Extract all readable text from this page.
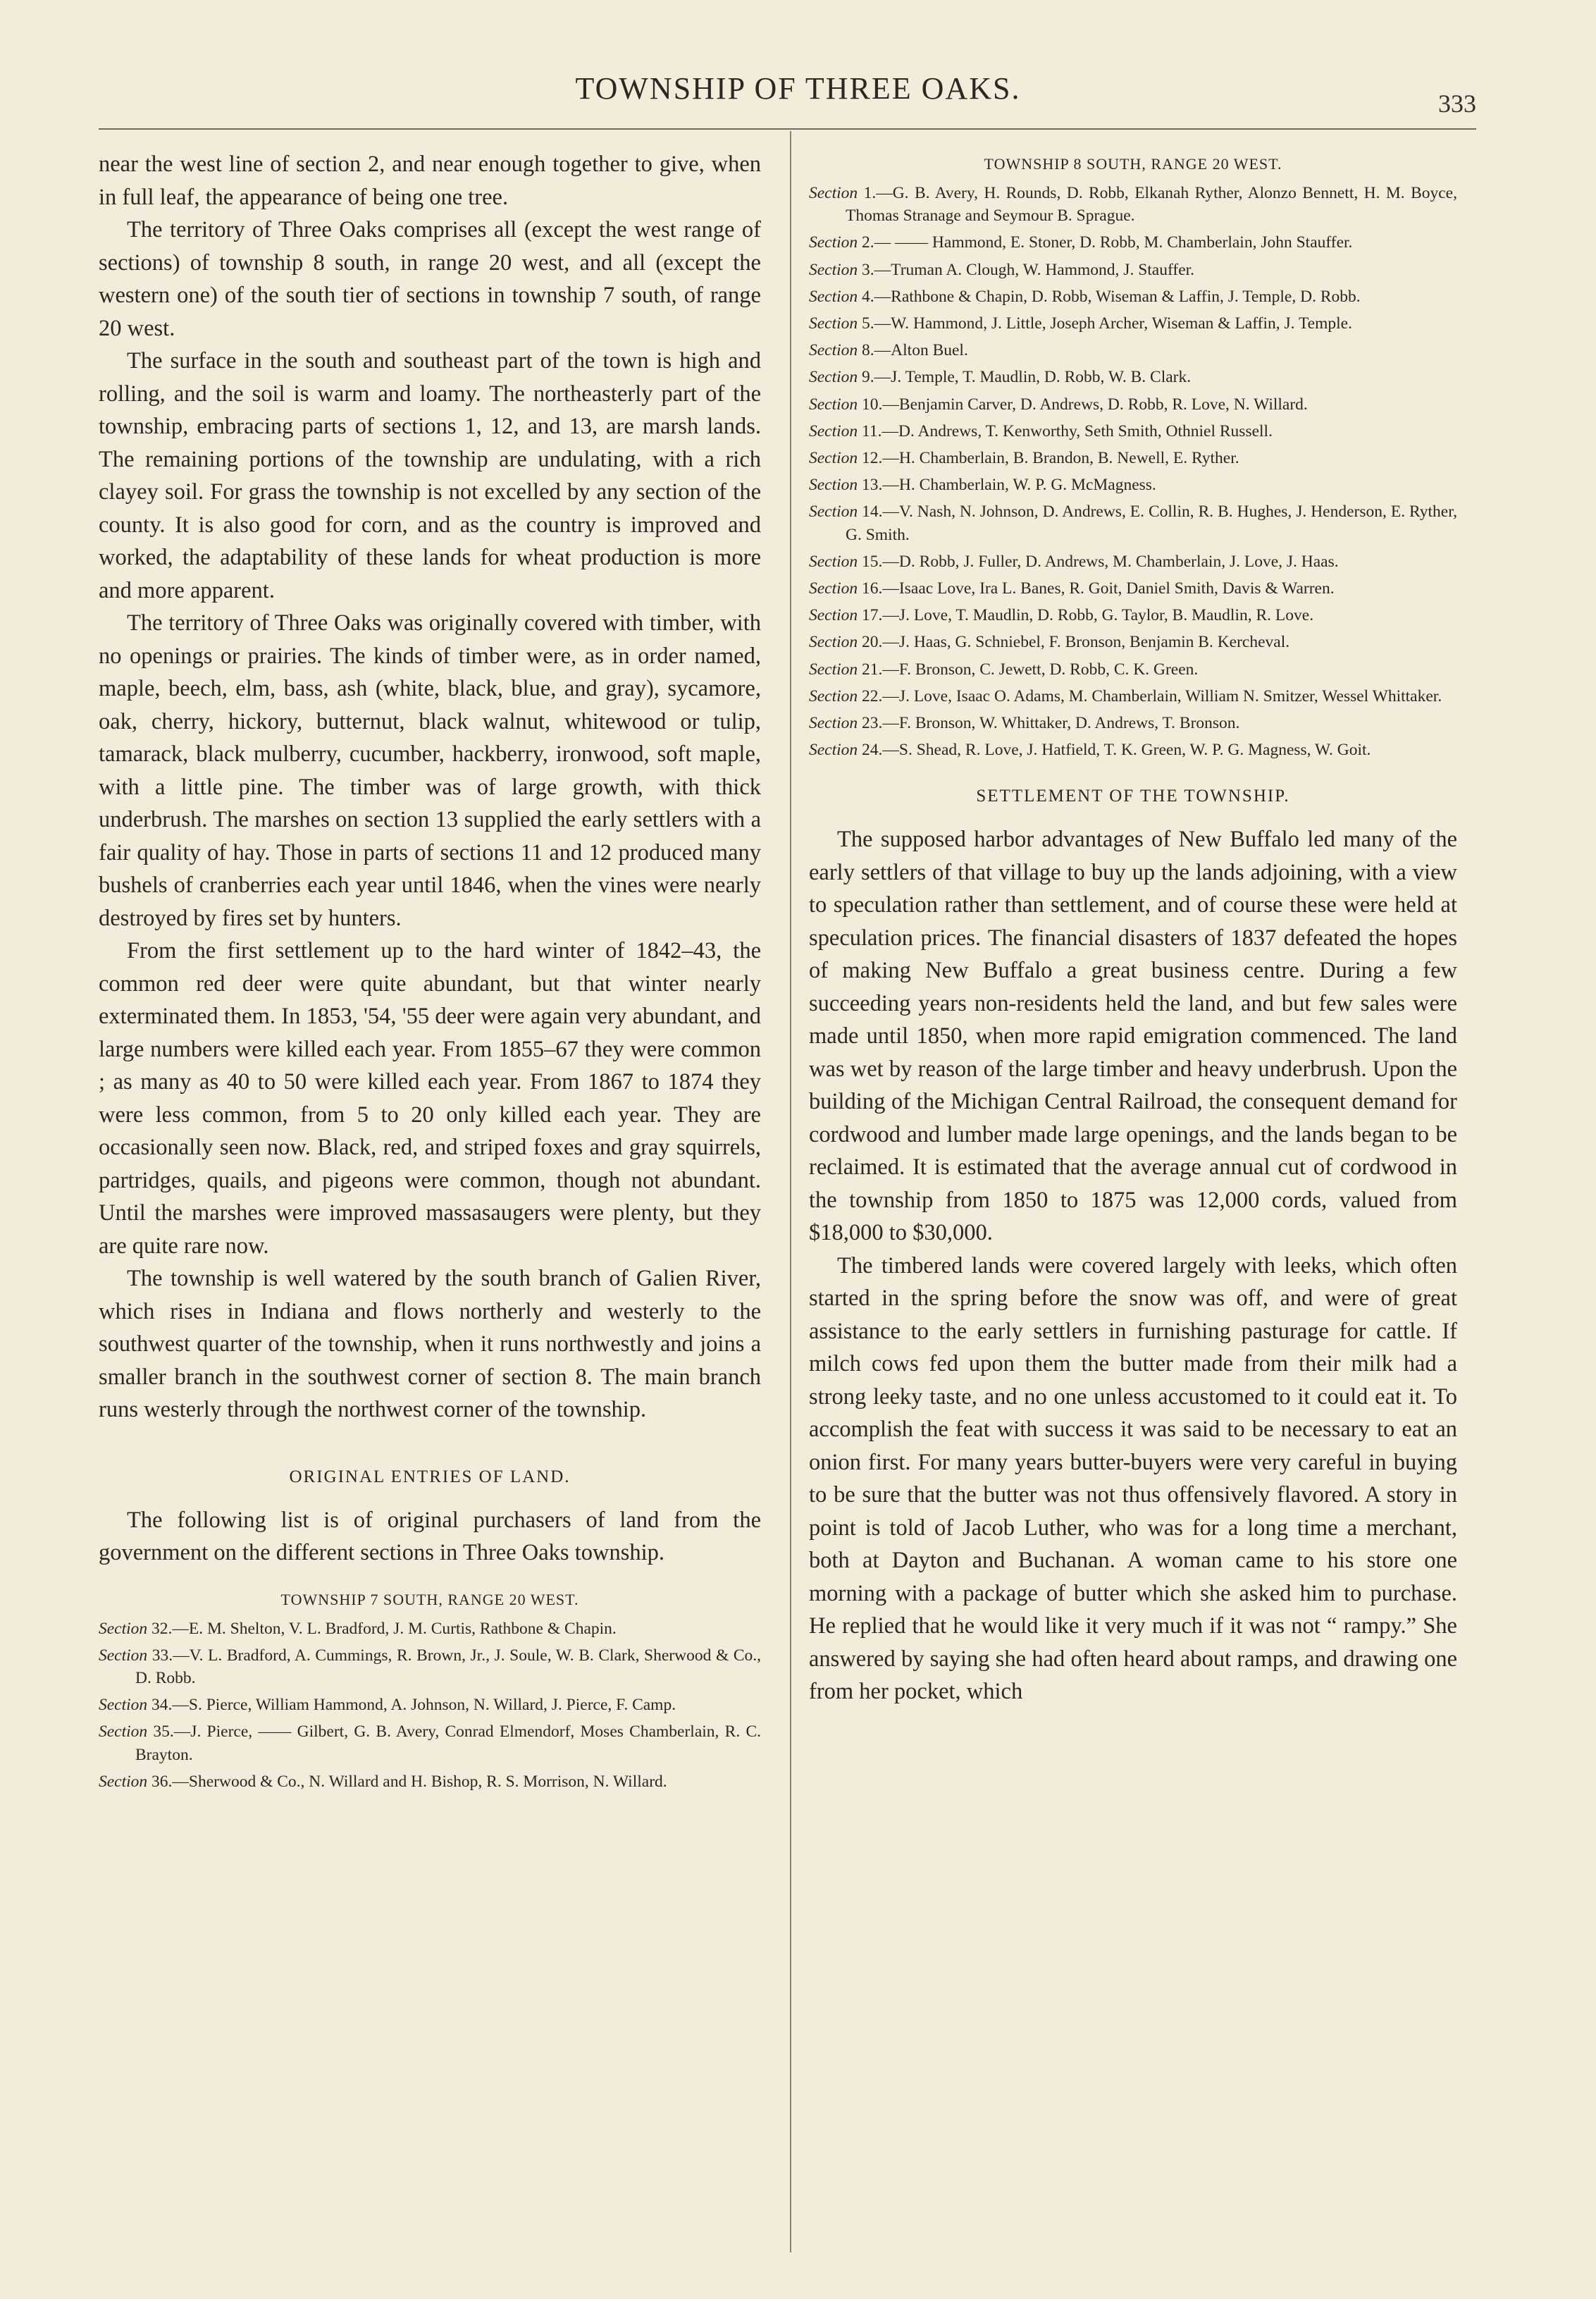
TOWNSHIP OF THREE OAKS.	333

near the west line of section 2, and near enough together to give, when in full leaf, the appearance of being one tree.

The territory of Three Oaks comprises all (except the west range of sections) of township 8 south, in range 20 west, and all (except the western one) of the south tier of sections in township 7 south, of range 20 west.

The surface in the south and southeast part of the town is high and rolling, and the soil is warm and loamy. The northeasterly part of the township, embracing parts of sections 1, 12, and 13, are marsh lands. The remaining portions of the township are undulating, with a rich clayey soil. For grass the township is not excelled by any section of the county. It is also good for corn, and as the country is improved and worked, the adaptability of these lands for wheat production is more and more apparent.

The territory of Three Oaks was originally covered with timber, with no openings or prairies. The kinds of timber were, as in order named, maple, beech, elm, bass, ash (white, black, blue, and gray), sycamore, oak, cherry, hickory, butternut, black walnut, whitewood or tulip, tamarack, black mulberry, cucumber, hackberry, ironwood, soft maple, with a little pine. The timber was of large growth, with thick underbrush. The marshes on section 13 supplied the early settlers with a fair quality of hay. Those in parts of sections 11 and 12 produced many bushels of cranberries each year until 1846, when the vines were nearly destroyed by fires set by hunters.

From the first settlement up to the hard winter of 1842–43, the common red deer were quite abundant, but that winter nearly exterminated them. In 1853, '54, '55 deer were again very abundant, and large numbers were killed each year. From 1855–67 they were common ; as many as 40 to 50 were killed each year. From 1867 to 1874 they were less common, from 5 to 20 only killed each year. They are occasionally seen now. Black, red, and striped foxes and gray squirrels, partridges, quails, and pigeons were common, though not abundant. Until the marshes were improved massasaugers were plenty, but they are quite rare now.

The township is well watered by the south branch of Galien River, which rises in Indiana and flows northerly and westerly to the southwest quarter of the township, when it runs northwestly and joins a smaller branch in the southwest corner of section 8. The main branch runs westerly through the northwest corner of the township.

ORIGINAL ENTRIES OF LAND.

The following list is of original purchasers of land from the government on the different sections in Three Oaks township.

TOWNSHIP 7 SOUTH, RANGE 20 WEST.

Section 32.—E. M. Shelton, V. L. Bradford, J. M. Curtis, Rathbone & Chapin.

Section 33.—V. L. Bradford, A. Cummings, R. Brown, Jr., J. Soule, W. B. Clark, Sherwood & Co., D. Robb.

Section 34.—S. Pierce, William Hammond, A. Johnson, N. Willard, J. Pierce, F. Camp.

Section 35.—J. Pierce, —— Gilbert, G. B. Avery, Conrad Elmendorf, Moses Chamberlain, R. C. Brayton.

Section 36.—Sherwood & Co., N. Willard and H. Bishop, R. S. Morrison, N. Willard.

TOWNSHIP 8 SOUTH, RANGE 20 WEST.

Section 1.—G. B. Avery, H. Rounds, D. Robb, Elkanah Ryther, Alonzo Bennett, H. M. Boyce, Thomas Stranage and Seymour B. Sprague.

Section 2.— —— Hammond, E. Stoner, D. Robb, M. Chamberlain, John Stauffer.

Section 3.—Truman A. Clough, W. Hammond, J. Stauffer.

Section 4.—Rathbone & Chapin, D. Robb, Wiseman & Laffin, J. Temple, D. Robb.

Section 5.—W. Hammond, J. Little, Joseph Archer, Wiseman & Laffin, J. Temple.

Section 8.—Alton Buel.

Section 9.—J. Temple, T. Maudlin, D. Robb, W. B. Clark.

Section 10.—Benjamin Carver, D. Andrews, D. Robb, R. Love, N. Willard.

Section 11.—D. Andrews, T. Kenworthy, Seth Smith, Othniel Russell.

Section 12.—H. Chamberlain, B. Brandon, B. Newell, E. Ryther.

Section 13.—H. Chamberlain, W. P. G. McMagness.

Section 14.—V. Nash, N. Johnson, D. Andrews, E. Collin, R. B. Hughes, J. Henderson, E. Ryther, G. Smith.

Section 15.—D. Robb, J. Fuller, D. Andrews, M. Chamberlain, J. Love, J. Haas.

Section 16.—Isaac Love, Ira L. Banes, R. Goit, Daniel Smith, Davis & Warren.

Section 17.—J. Love, T. Maudlin, D. Robb, G. Taylor, B. Maudlin, R. Love.

Section 20.—J. Haas, G. Schniebel, F. Bronson, Benjamin B. Kercheval.

Section 21.—F. Bronson, C. Jewett, D. Robb, C. K. Green.

Section 22.—J. Love, Isaac O. Adams, M. Chamberlain, William N. Smitzer, Wessel Whittaker.

Section 23.—F. Bronson, W. Whittaker, D. Andrews, T. Bronson.

Section 24.—S. Shead, R. Love, J. Hatfield, T. K. Green, W. P. G. Magness, W. Goit.

SETTLEMENT OF THE TOWNSHIP.

The supposed harbor advantages of New Buffalo led many of the early settlers of that village to buy up the lands adjoining, with a view to speculation rather than settlement, and of course these were held at speculation prices. The financial disasters of 1837 defeated the hopes of making New Buffalo a great business centre. During a few succeeding years non-residents held the land, and but few sales were made until 1850, when more rapid emigration commenced. The land was wet by reason of the large timber and heavy underbrush. Upon the building of the Michigan Central Railroad, the consequent demand for cordwood and lumber made large openings, and the lands began to be reclaimed. It is estimated that the average annual cut of cordwood in the township from 1850 to 1875 was 12,000 cords, valued from $18,000 to $30,000.

The timbered lands were covered largely with leeks, which often started in the spring before the snow was off, and were of great assistance to the early settlers in furnishing pasturage for cattle. If milch cows fed upon them the butter made from their milk had a strong leeky taste, and no one unless accustomed to it could eat it. To accomplish the feat with success it was said to be necessary to eat an onion first. For many years butter-buyers were very careful in buying to be sure that the butter was not thus offensively flavored. A story in point is told of Jacob Luther, who was for a long time a merchant, both at Dayton and Buchanan. A woman came to his store one morning with a package of butter which she asked him to purchase. He replied that he would like it very much if it was not “ rampy.” She answered by saying she had often heard about ramps, and drawing one from her pocket, which
